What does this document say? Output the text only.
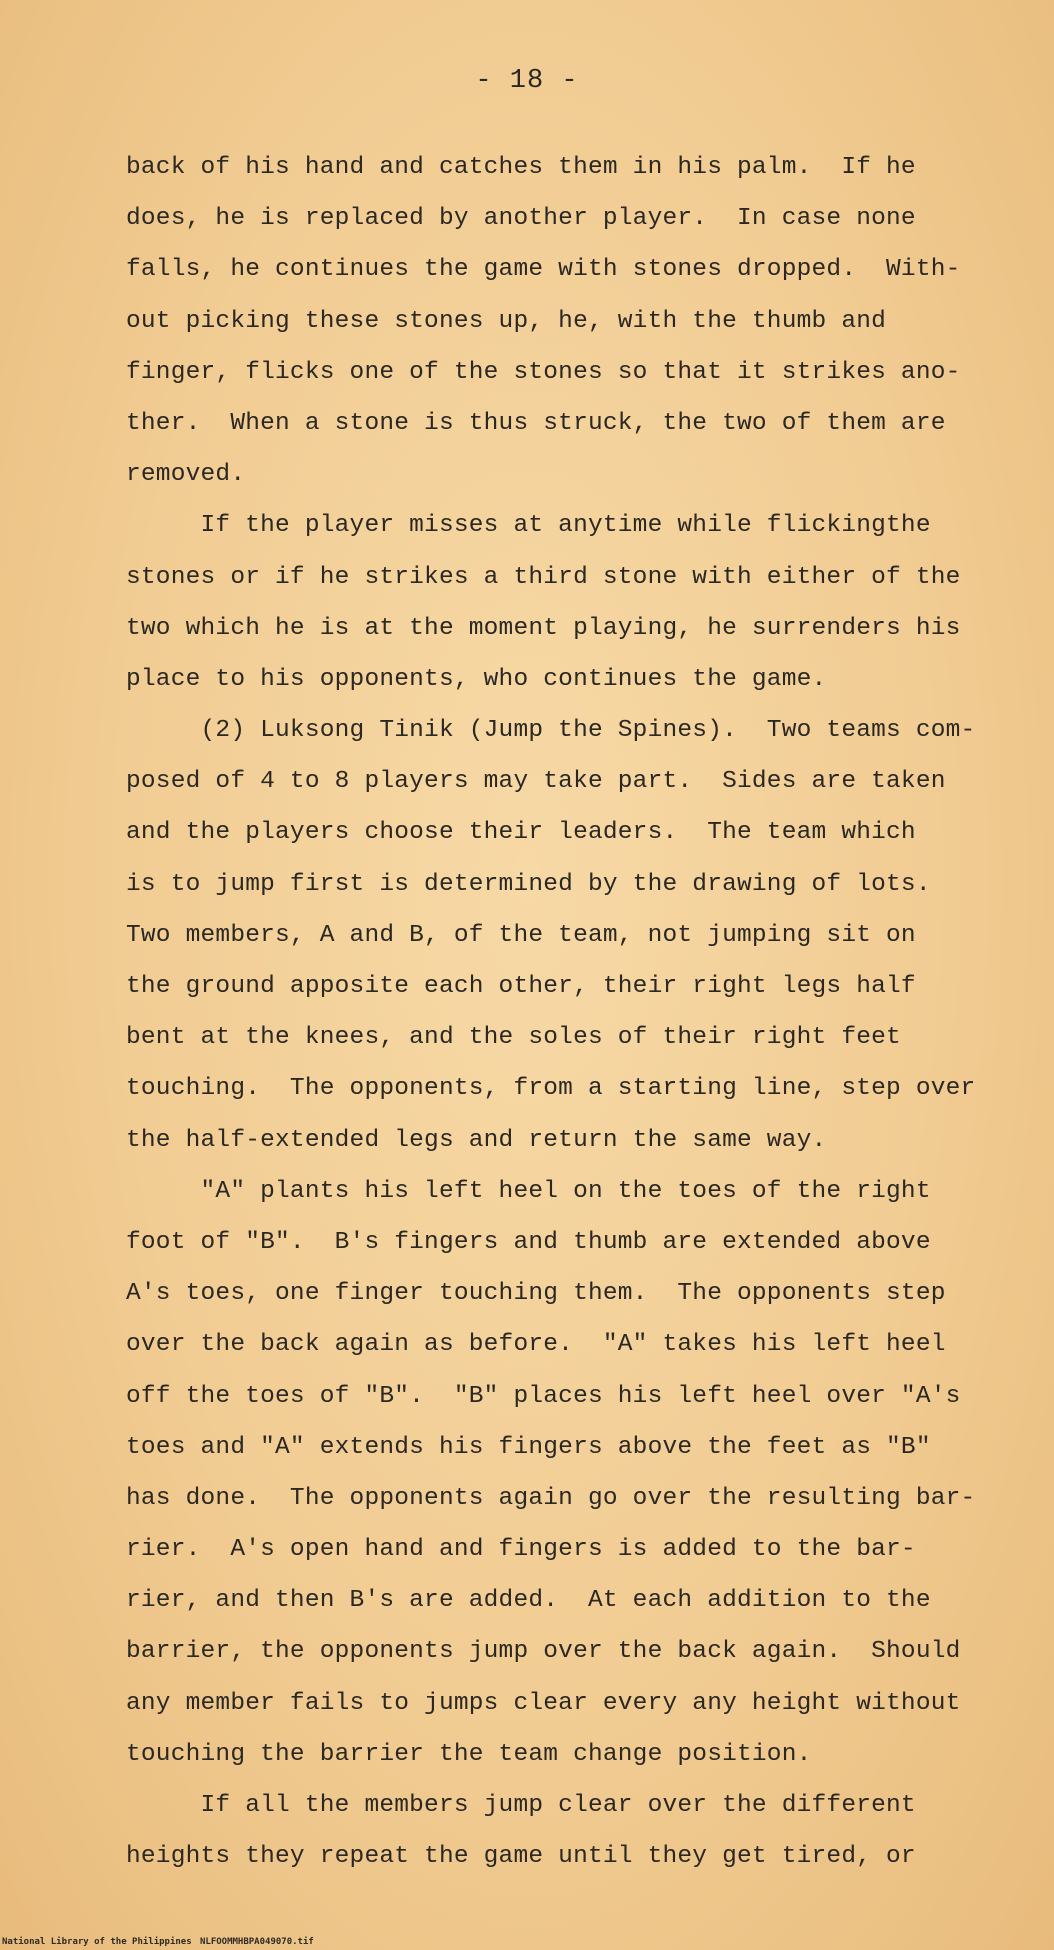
- 18 -
back of his hand and catches them in his palm.  If he
does, he is replaced by another player.  In case none
falls, he continues the game with stones dropped.  With-
out picking these stones up, he, with the thumb and
finger, flicks one of the stones so that it strikes ano-
ther.  When a stone is thus struck, the two of them are
removed.
If the player misses at anytime while flickingthe
stones or if he strikes a third stone with either of the
two which he is at the moment playing, he surrenders his
place to his opponents, who continues the game.
(2) Luksong Tinik (Jump the Spines).  Two teams com-
posed of 4 to 8 players may take part.  Sides are taken
and the players choose their leaders.  The team which
is to jump first is determined by the drawing of lots.
Two members, A and B, of the team, not jumping sit on
the ground apposite each other, their right legs half
bent at the knees, and the soles of their right feet
touching.  The opponents, from a starting line, step over
the half-extended legs and return the same way.
"A" plants his left heel on the toes of the right
foot of "B".  B's fingers and thumb are extended above
A's toes, one finger touching them.  The opponents step
over the back again as before.  "A" takes his left heel
off the toes of "B".  "B" places his left heel over "A's
toes and "A" extends his fingers above the feet as "B"
has done.  The opponents again go over the resulting bar-
rier.  A's open hand and fingers is added to the bar-
rier, and then B's are added.  At each addition to the
barrier, the opponents jump over the back again.  Should
any member fails to jumps clear every any height without
touching the barrier the team change position.
If all the members jump clear over the different
heights they repeat the game until they get tired, or
National Library of the Philippines NLFOOMMHBPA049070.tif
